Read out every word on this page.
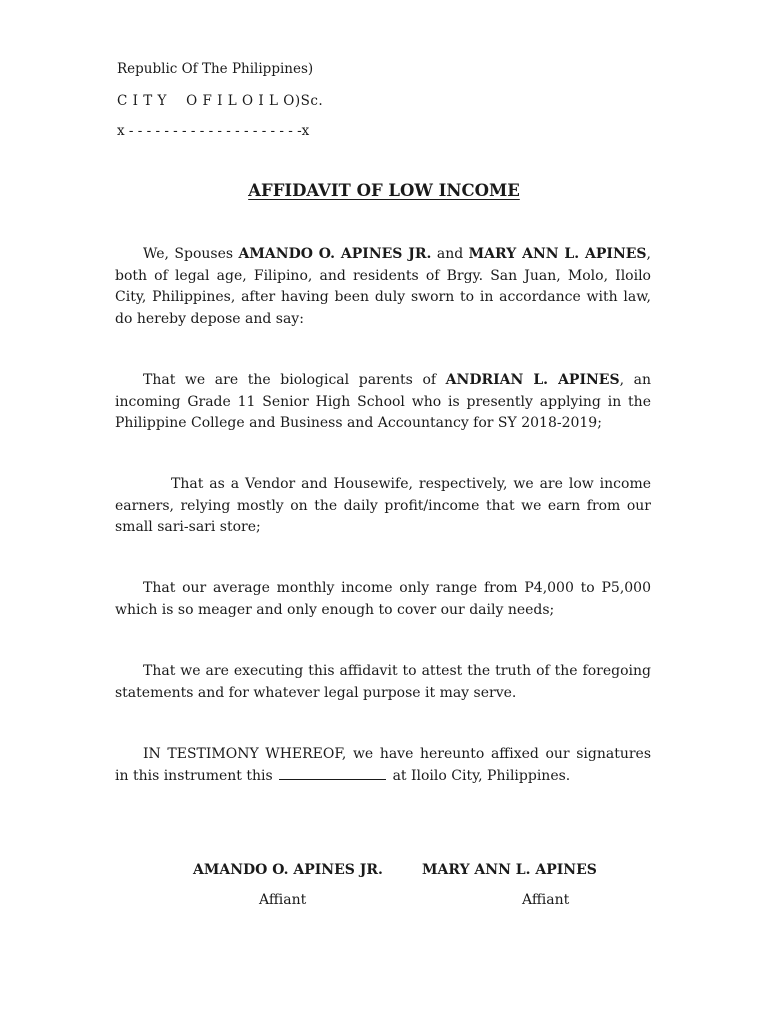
Republic Of The Philippines)
C I T Y    O F I L O I L O)Sc.
x - - - - - - - - - - - - - - - - - - - -x
AFFIDAVIT OF LOW INCOME

We, Spouses AMANDO O. APINES JR. and MARY ANN L. APINES, both of legal age, Filipino, and residents of Brgy. San Juan, Molo, Iloilo City, Philippines, after having been duly sworn to in accordance with law, do hereby depose and say:

That we are the biological parents of ANDRIAN L. APINES, an incoming Grade 11 Senior High School who is presently applying in the Philippine College and Business and Accountancy for SY 2018-2019;

That as a Vendor and Housewife, respectively, we are low income earners, relying mostly on the daily profit/income that we earn from our small sari-sari store;

That our average monthly income only range from P4,000 to P5,000 which is so meager and only enough to cover our daily needs;

That we are executing this affidavit to attest the truth of the foregoing statements and for whatever legal purpose it may serve.

IN TESTIMONY WHEREOF, we have hereunto affixed our signatures in this instrument this	at Iloilo City, Philippines.

AMANDO O. APINES JR.	MARY ANN L. APINES
Affiant	Affiant
